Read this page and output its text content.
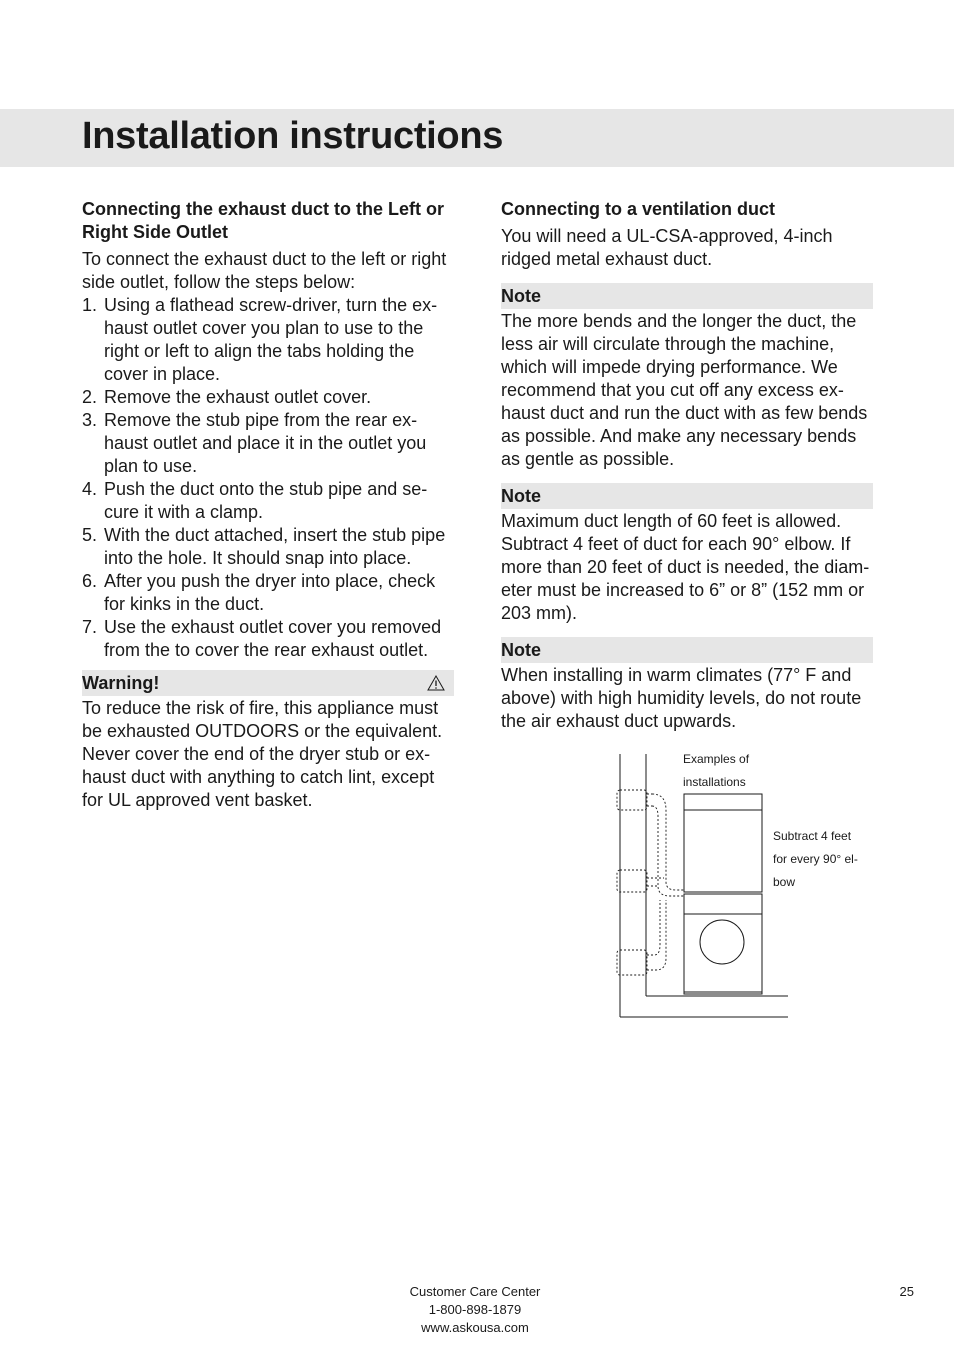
Installation instructions
Connecting the exhaust duct to the Left or Right Side Outlet

To connect the exhaust duct to the left or right side outlet, follow the steps below:

1. Using a flathead screw-driver, turn the ex-haust outlet cover you plan to use to the right or left to align the tabs holding the cover in place.
2. Remove the exhaust outlet cover.
3. Remove the stub pipe from the rear ex-haust outlet and place it in the outlet you plan to use.
4. Push the duct onto the stub pipe and se-cure it with a clamp.
5. With the duct attached, insert the stub pipe into the hole. It should snap into place.
6. After you push the dryer into place, check for kinks in the duct.
7. Use the exhaust outlet cover you removed from the to cover the rear exhaust outlet.
Warning!

To reduce the risk of fire, this appliance must be exhausted OUTDOORS or the equivalent. Never cover the end of the dryer stub or ex-haust duct with anything to catch lint, except for UL approved vent basket.

Connecting to a ventilation duct

You will need a UL-CSA-approved, 4-inch ridged metal exhaust duct.

Note

The more bends and the longer the duct, the less air will circulate through the machine, which will impede drying performance. We recommend that you cut off any excess ex-haust duct and run the duct with as few bends as possible. And make any necessary bends as gentle as possible.

Note

Maximum duct length of 60 feet is allowed. Subtract 4 feet of duct for each 90° elbow. If more than 20 feet of duct is needed, the diam-eter must be increased to 6” or 8” (152 mm or 203 mm).

Note

When installing in warm climates (77° F and above) with high humidity levels, do not route the air exhaust duct upwards.

Examples of
installations
Subtract 4 feet
for every 90° el-
bow
Customer Care Center
1-800-898-1879
www.askousa.com
25
